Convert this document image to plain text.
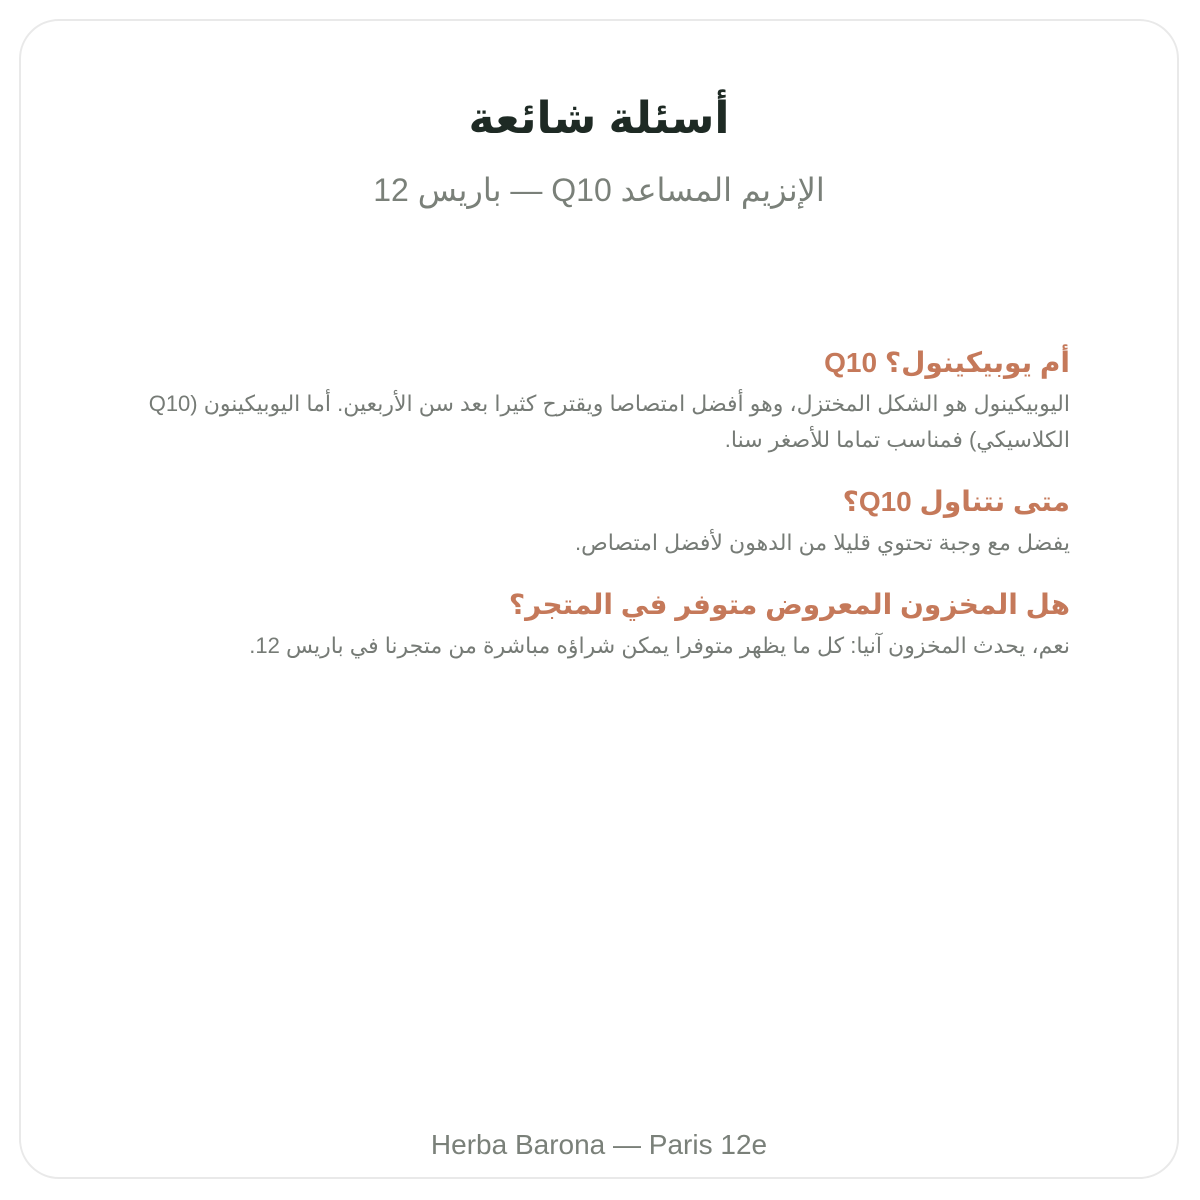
أسئلة شائعة

الإنزيم المساعد Q10 — باريس 12

أم يوبيكينول؟ Q10

اليوبيكينول هو الشكل المختزل، وهو أفضل امتصاصا ويقترح كثيرا بعد سن الأربعين. أما اليوبيكينون (Q10 الكلاسيكي) فمناسب تماما للأصغر سنا.

متى نتناول Q10؟

يفضل مع وجبة تحتوي قليلا من الدهون لأفضل امتصاص.

هل المخزون المعروض متوفر في المتجر؟

نعم، يحدث المخزون آنيا: كل ما يظهر متوفرا يمكن شراؤه مباشرة من متجرنا في باريس 12.

Herba Barona — Paris 12e
